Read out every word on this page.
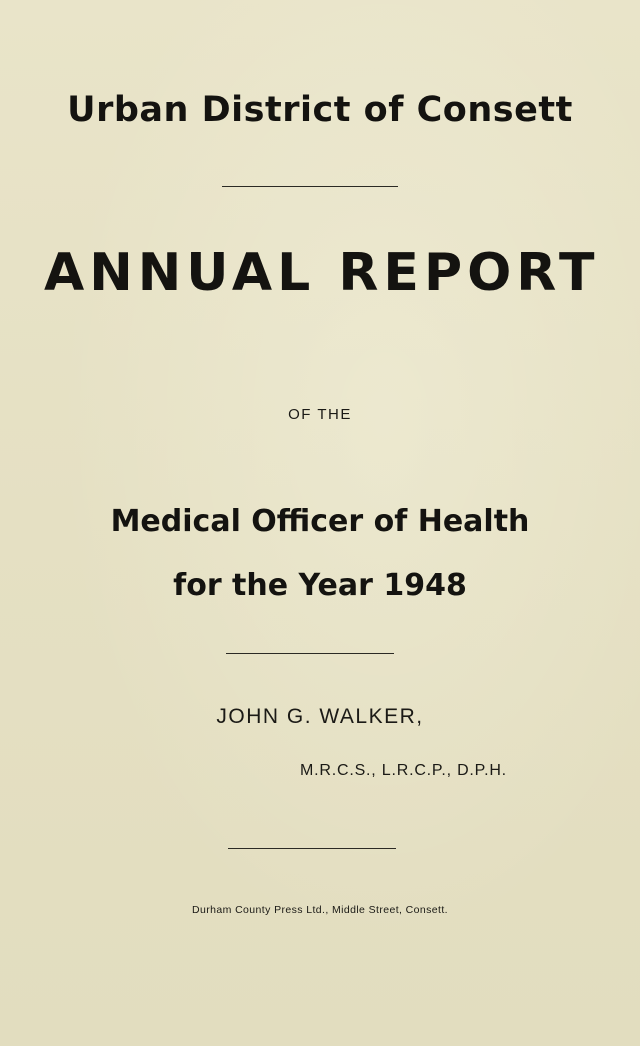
Urban District of Consett
ANNUAL REPORT
OF THE
Medical Officer of Health
for the Year 1948
JOHN G. WALKER,
M.R.C.S., L.R.C.P., D.P.H.
Durham County Press Ltd., Middle Street, Consett.
